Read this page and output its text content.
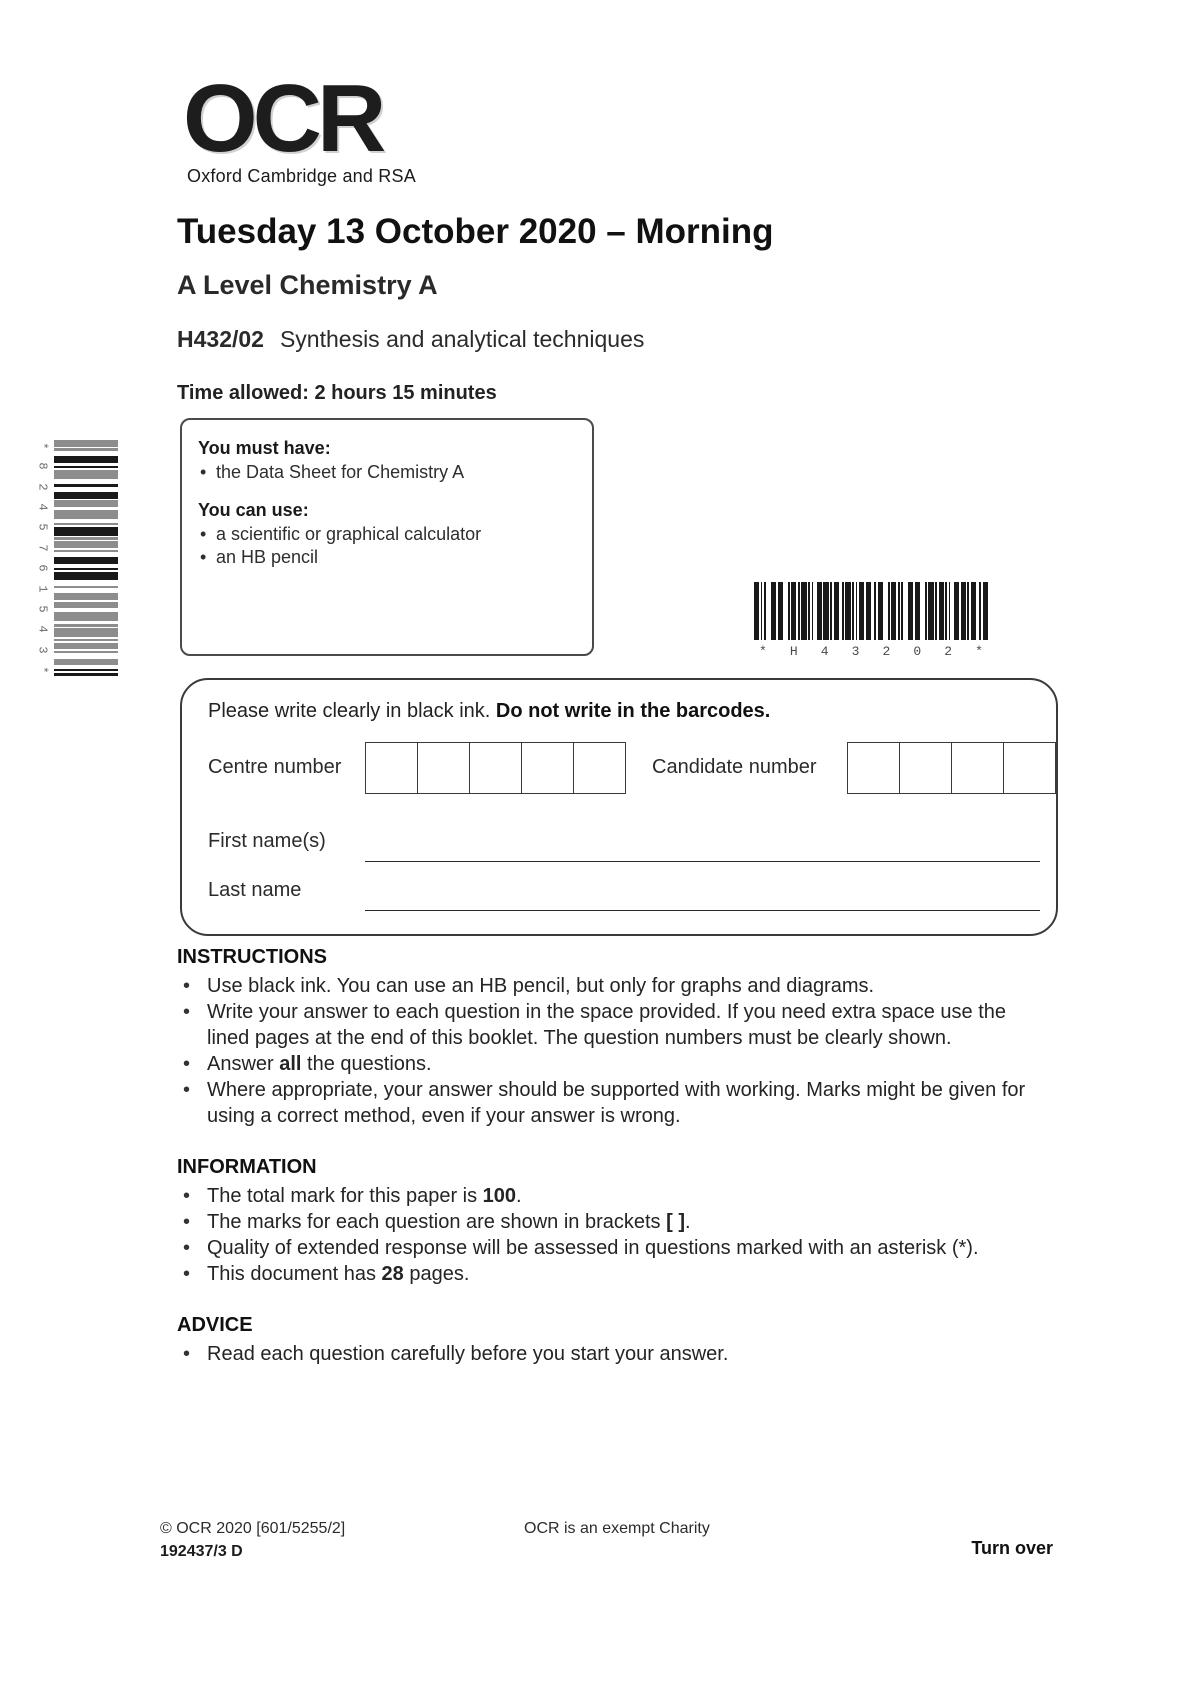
OCR
Oxford Cambridge and RSA
Tuesday 13 October 2020 – Morning
A Level Chemistry A
H432/02 Synthesis and analytical techniques
Time allowed: 2 hours 15 minutes

You must have:

• the Data Sheet for Chemistry A

You can use:

• a scientific or graphical calculator
• an HB pencil
*
8
2
4
5
7
6
1
5
4
3
*
* H 4 3 2 0 2 *
Please write clearly in black ink. Do not write in the barcodes.
Centre number	Candidate number
First name(s)
Last name
INSTRUCTIONS
• Use black ink. You can use an HB pencil, but only for graphs and diagrams.
• Write your answer to each question in the space provided. If you need extra space use the lined pages at the end of this booklet. The question numbers must be clearly shown.
• Answer all the questions.
• Where appropriate, your answer should be supported with working. Marks might be given for using a correct method, even if your answer is wrong.
INFORMATION
• The total mark for this paper is 100.
• The marks for each question are shown in brackets [ ].
• Quality of extended response will be assessed in questions marked with an asterisk (*).
• This document has 28 pages.
ADVICE
• Read each question carefully before you start your answer.
© OCR 2020 [601/5255/2]
192437/3 D
OCR is an exempt Charity
Turn over
